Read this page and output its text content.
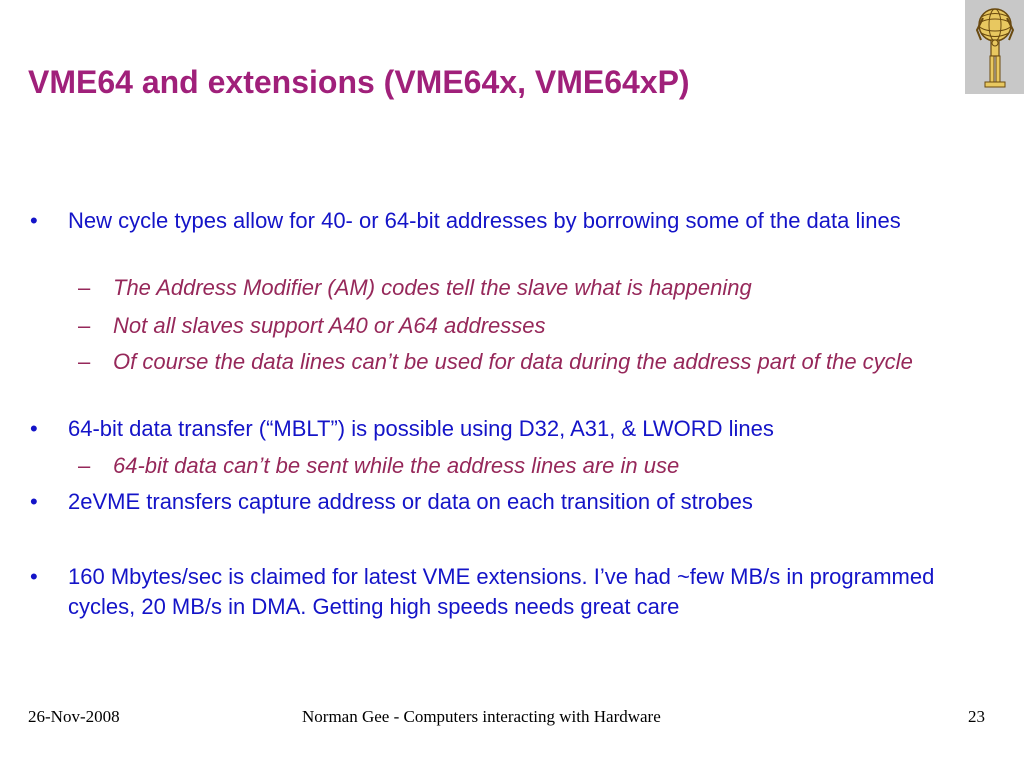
VME64 and extensions (VME64x, VME64xP)
• New cycle types allow for 40- or 64-bit addresses by borrowing some of the data lines
– The Address Modifier (AM) codes tell the slave what is happening
– Not all slaves support A40 or A64 addresses
– Of course the data lines can’t be used for data during the address part of the cycle
• 64-bit data transfer (“MBLT”) is possible using D32, A31, & LWORD lines
– 64-bit data can’t be sent while the address lines are in use
• 2eVME transfers capture address or data on each transition of strobes
• 160 Mbytes/sec is claimed for latest VME extensions. I’ve had ~few MB/s in programmed cycles, 20 MB/s in DMA. Getting high speeds needs great care
26-Nov-2008	Norman Gee - Computers interacting with Hardware	23
